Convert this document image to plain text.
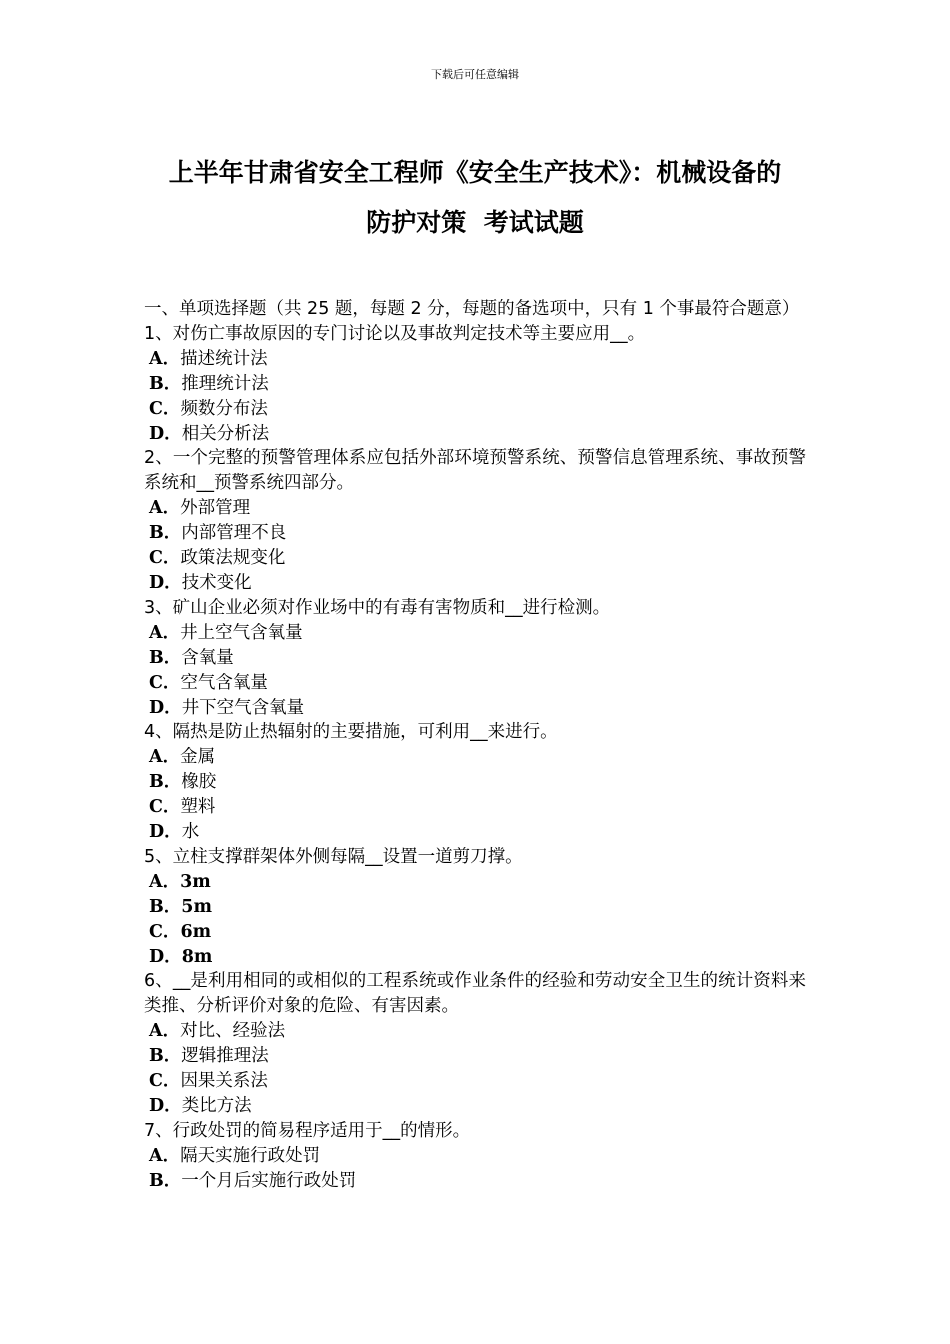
下载后可任意编辑
上半年甘肃省安全工程师《安全生产技术》：机械设备的
防护对策  考试试题

一、单项选择题（共 25 题，每题 2 分，每题的备选项中，只有 1 个事最符合题意）

1、对伤亡事故原因的专门讨论以及事故判定技术等主要应用__。

A．描述统计法
B．推理统计法
C．频数分布法
D．相关分析法

2、一个完整的预警管理体系应包括外部环境预警系统、预警信息管理系统、事故预警系统和__预警系统四部分。

A．外部管理
B．内部管理不良
C．政策法规变化
D．技术变化

3、矿山企业必须对作业场中的有毒有害物质和__进行检测。

A．井上空气含氧量
B．含氧量
C．空气含氧量
D．井下空气含氧量

4、隔热是防止热辐射的主要措施，可利用__来进行。

A．金属
B．橡胶
C．塑料
D．水

5、立柱支撑群架体外侧每隔__设置一道剪刀撑。

A．3m
B．5m
C．6m
D．8m

6、__是利用相同的或相似的工程系统或作业条件的经验和劳动安全卫生的统计资料来类推、分析评价对象的危险、有害因素。

A．对比、经验法
B．逻辑推理法
C．因果关系法
D．类比方法

7、行政处罚的简易程序适用于__的情形。

A．隔天实施行政处罚
B．一个月后实施行政处罚
